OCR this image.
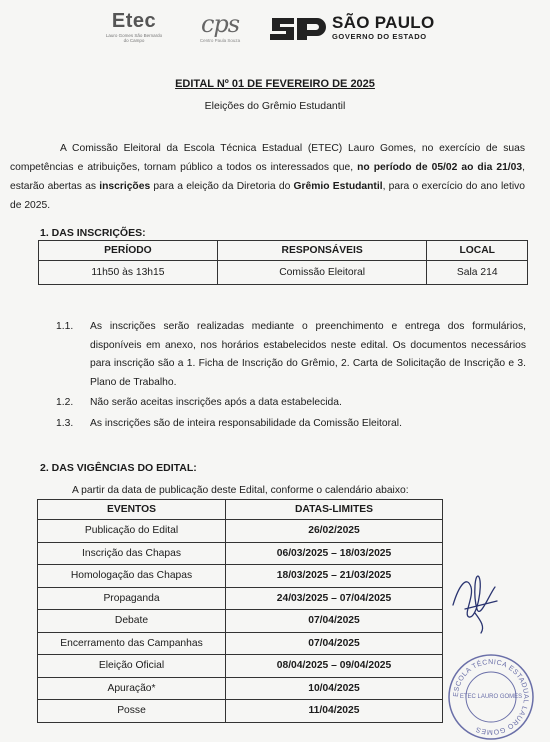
Etec
Lauro Gomes São Bernardo do Campo
cps
Centro Paula Souza
SÃO PAULO
GOVERNO DO ESTADO
EDITAL Nº 01 DE FEVEREIRO DE 2025
Eleições do Grêmio Estudantil
A Comissão Eleitoral da Escola Técnica Estadual (ETEC) Lauro Gomes, no exercício de suas competências e atribuições, tornam público a todos os interessados que, no período de 05/02 ao dia 21/03, estarão abertas as inscrições para a eleição da Diretoria do Grêmio Estudantil, para o exercício do ano letivo de 2025.
1. DAS INSCRIÇÕES:
PERÍODO	RESPONSÁVEIS	LOCAL
11h50 às 13h15	Comissão Eleitoral	Sala 214
1.1. As inscrições serão realizadas mediante o preenchimento e entrega dos formulários, disponíveis em anexo, nos horários estabelecidos neste edital. Os documentos necessários para inscrição são a 1. Ficha de Inscrição do Grêmio, 2. Carta de Solicitação de Inscrição e 3. Plano de Trabalho.
1.2. Não serão aceitas inscrições após a data estabelecida.
1.3. As inscrições são de inteira responsabilidade da Comissão Eleitoral.
2. DAS VIGÊNCIAS DO EDITAL:
A partir da data de publicação deste Edital, conforme o calendário abaixo:
EVENTOS	DATAS-LIMITES
Publicação do Edital	26/02/2025
Inscrição das Chapas	06/03/2025 – 18/03/2025
Homologação das Chapas	18/03/2025 – 21/03/2025
Propaganda	24/03/2025 – 07/04/2025
Debate	07/04/2025
Encerramento das Campanhas	07/04/2025
Eleição Oficial	08/04/2025 – 09/04/2025
Apuração*	10/04/2025
Posse	11/04/2025
ESCOLA TÉCNICA ESTADUAL LAURO GOMES
ETEC LAURO GOMES
